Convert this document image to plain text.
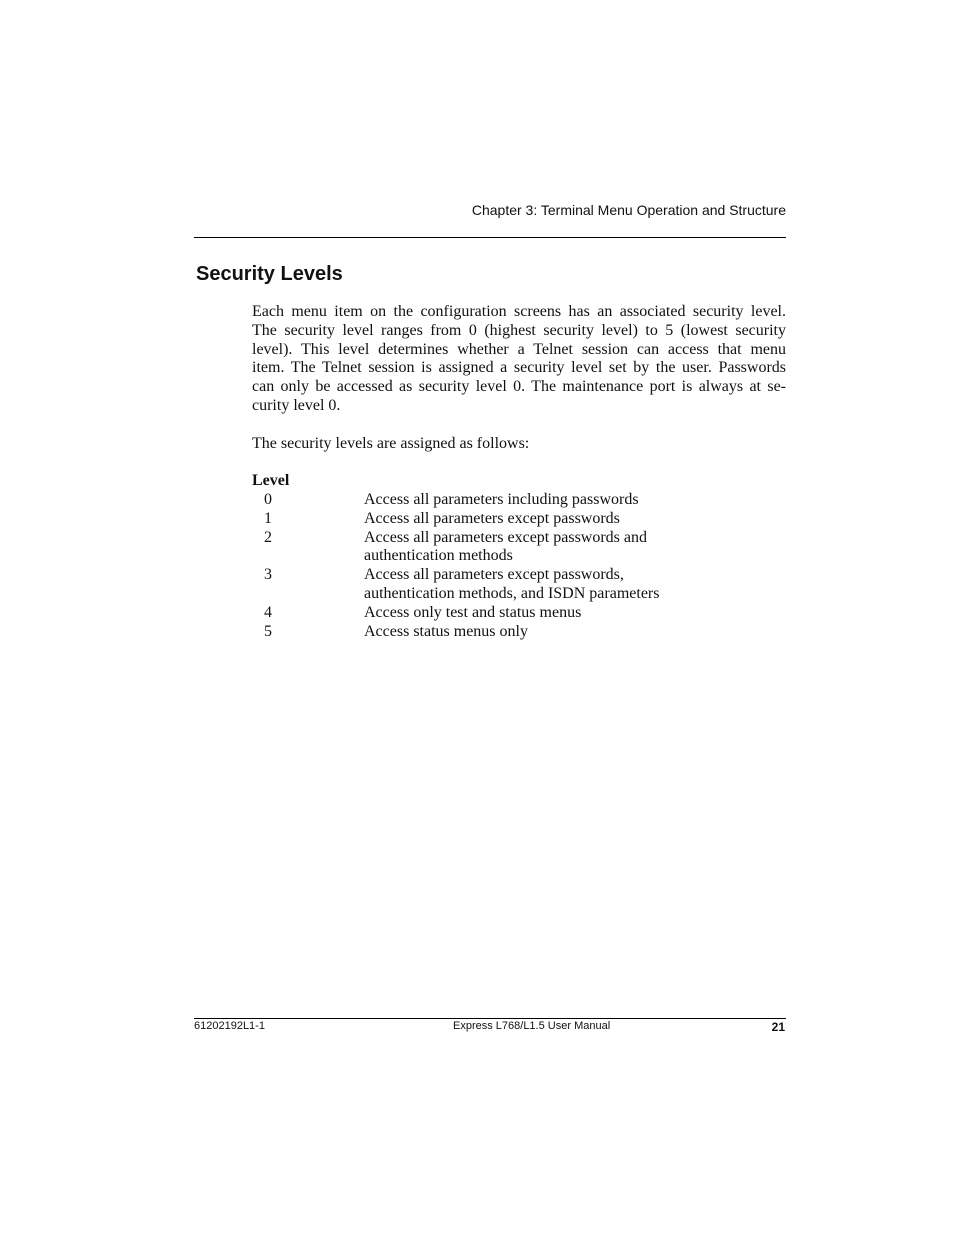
Chapter 3: Terminal Menu Operation and Structure
Security Levels

Each menu item on the configuration screens has an associated security level.
The security level ranges from 0 (highest security level) to 5 (lowest security
level). This level determines whether a Telnet session can access that menu
item. The Telnet session is assigned a security level set by the user. Passwords
can only be accessed as security level 0. The maintenance port is always at se-
curity level 0.

The security levels are assigned as follows:

Level

0	Access all parameters including passwords
1	Access all parameters except passwords
2	Access all parameters except passwords and
authentication methods
3	Access all parameters except passwords,
authentication methods, and ISDN parameters
4	Access only test and status menus
5	Access status menus only
61202192L1-1	Express L768/L1.5 User Manual	21
